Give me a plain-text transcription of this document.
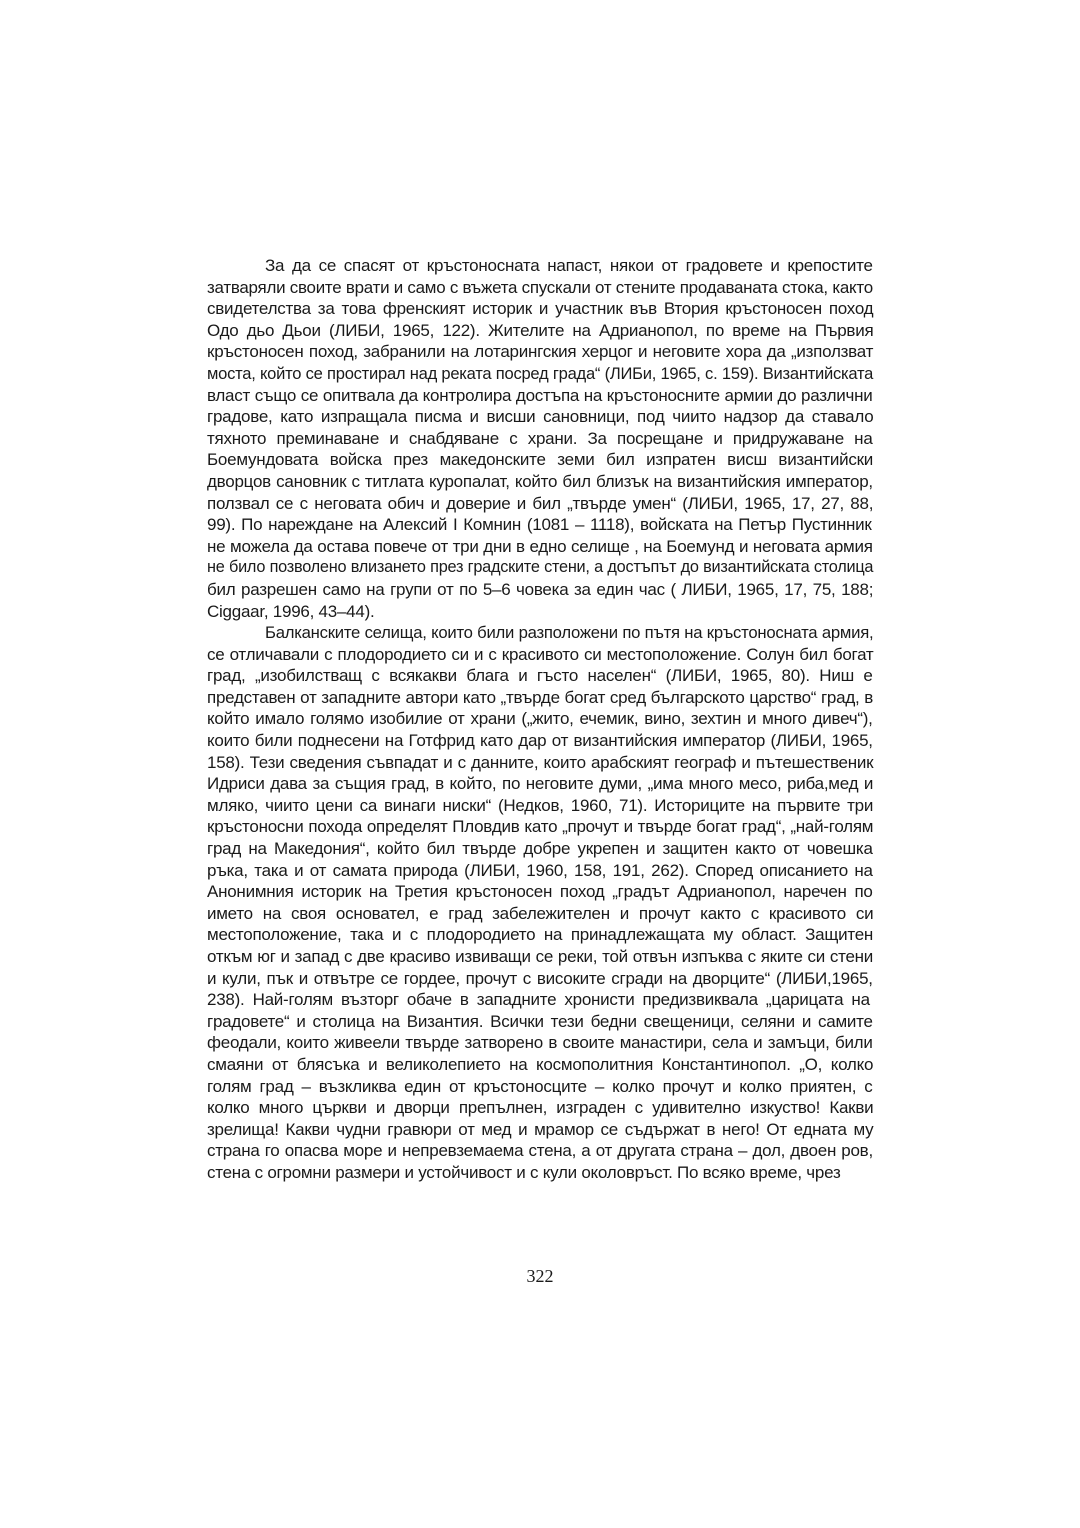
За да се спасят от кръстоносната напаст, някои от градовете и крепостите
затваряли своите врати и само с въжета спускали от стените продаваната стока, както
свидетелства за това френският историк и участник във Втория кръстоносен поход
Одо дьо Дьои (ЛИБИ, 1965, 122). Жителите на Адрианопол, по време на Първия
кръстоносен поход, забранили на лотарингския херцог и неговите хора да „използват
моста, който се простирал над реката посред града“ (ЛИБи, 1965, с. 159). Византийската
власт също се опитвала да контролира достъпа на кръстоносните армии до различни
градове, като изпращала писма и висши сановници, под чиито надзор да ставало
тяхното преминаване и снабдяване с храни. За посрещане и придружаване на
Боемундовата войска през македонските земи бил изпратен висш византийски
дворцов сановник с титлата куропалат, който бил близък на византийския император,
ползвал се с неговата обич и доверие и бил „твърде умен“ (ЛИБИ, 1965, 17, 27, 88,
99). По нареждане на Алексий I Комнин (1081 – 1118), войската на Петър Пустинник
не можела да остава повече от три дни в едно селище , на Боемунд и неговата армия
не било позволено влизането през градските стени, а достъпът до византийската столица
бил разрешен само на групи от по 5–6 човека за един час ( ЛИБИ, 1965, 17, 75, 188;
Ciggaar, 1996, 43–44).
Балканските селища, които били разположени по пътя на кръстоносната армия,
се отличавали с плодородието си и с красивото си местоположение. Солун бил богат
град, „изобилстващ с всякакви блага и гъсто населен“ (ЛИБИ, 1965, 80). Ниш е
представен от западните автори като „твърде богат сред българското царство“ град, в
който имало голямо изобилие от храни („жито, ечемик, вино, зехтин и много дивеч“),
които били поднесени на Готфрид като дар от византийския император (ЛИБИ, 1965,
158). Тези сведения съвпадат и с данните, които арабският географ и пътешественик
Идриси дава за същия град, в който, по неговите думи, „има много месо, риба,мед и
мляко, чиито цени са винаги ниски“ (Недков, 1960, 71). Историците на първите три
кръстоносни похода определят Пловдив като „прочут и твърде богат град“, „най-голям
град на Македония“, който бил твърде добре укрепен и защитен както от човешка
ръка, така и от самата природа (ЛИБИ, 1960, 158, 191, 262). Според описанието на
Анонимния историк на Третия кръстоносен поход „градът Адрианопол, наречен по
името на своя основател, е град забележителен и прочут както с красивото си
местоположение, така и с плодородието на принадлежащата му област. Защитен
откъм юг и запад с две красиво извиващи се реки, той отвън изпъква с яките си стени
и кули, пък и отвътре се гордее, прочут с високите сгради на дворците“ (ЛИБИ,1965,
238). Най-голям възторг обаче в западните хронисти предизвиквала „царицата на
градовете“ и столица на Византия. Всички тези бедни свещеници, селяни и самите
феодали, които живеели твърде затворено в своите манастири, села и замъци, били
смаяни от блясъка и великолепието на космополитния Константинопол. „О, колко
голям град – възкликва един от кръстоносците – колко прочут и колко приятен, с
колко много църкви и дворци препълнен, изграден с удивително изкуство! Какви
зрелища! Какви чудни гравюри от мед и мрамор се съдържат в него! От едната му
страна го опасва море и непревземаема стена, а от другата страна – дол, двоен ров,
стена с огромни размери и устойчивост и с кули околовръст. По всяко време, чрез
322
